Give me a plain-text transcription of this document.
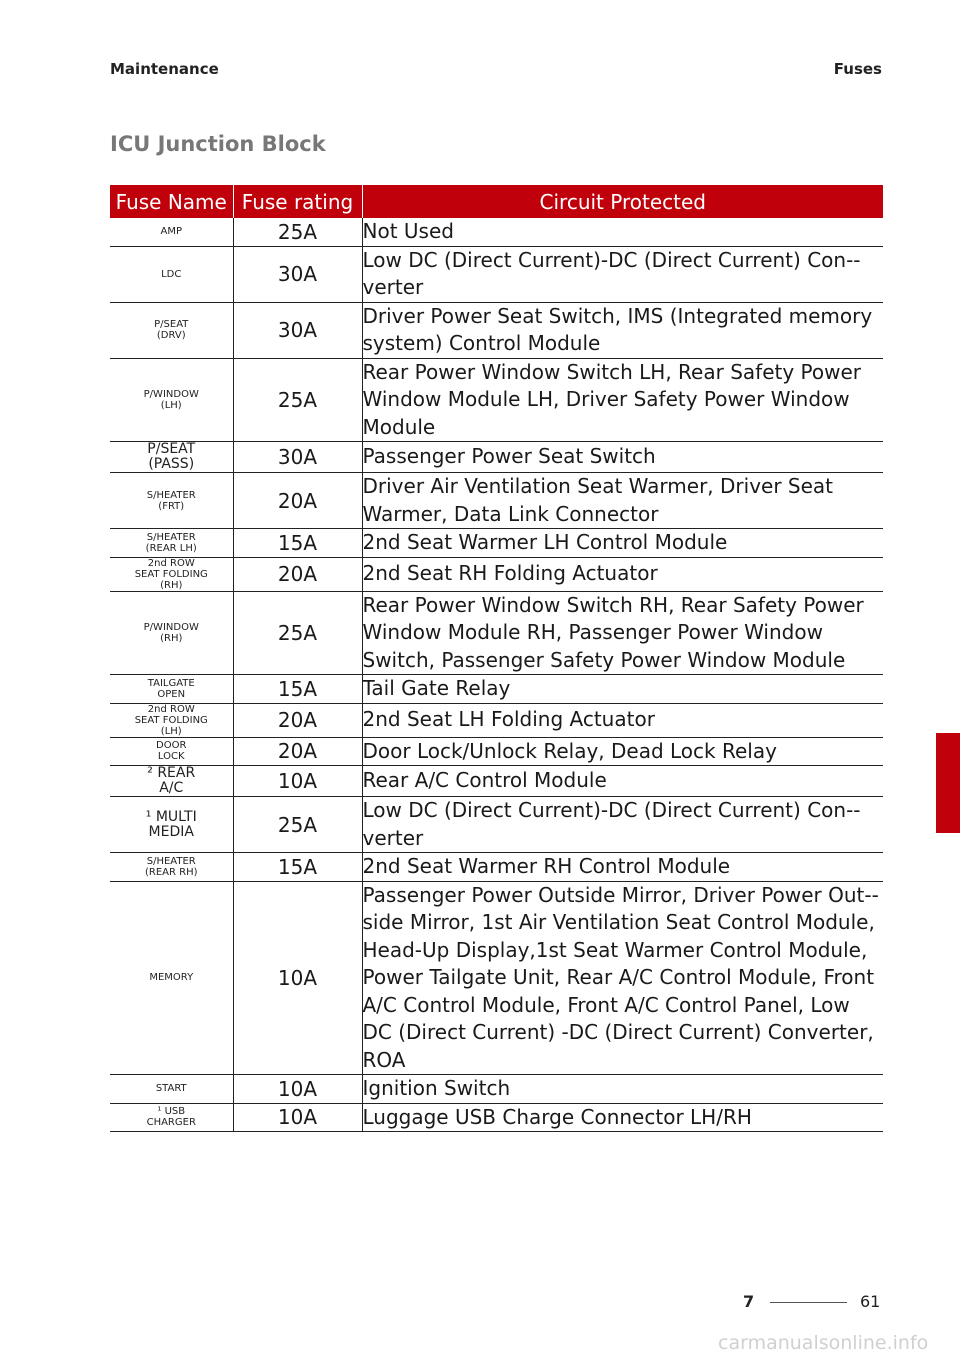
Maintenance	Fuses
ICU Junction Block
Fuse Name	Fuse rating	Circuit Protected
AMP	25A	Not Used
LDC	30A	Low DC (Direct Current)-DC (Direct Current) Con-verter
P/SEAT
(DRV)	30A	Driver Power Seat Switch, IMS (Integrated memory system) Control Module
P/WINDOW
(LH)	25A	Rear Power Window Switch LH, Rear Safety Power Window Module LH, Driver Safety Power Window Module
P/SEAT
(PASS)	30A	Passenger Power Seat Switch
S/HEATER
(FRT)	20A	Driver Air Ventilation Seat Warmer, Driver Seat Warmer, Data Link Connector
S/HEATER
(REAR LH)	15A	2nd Seat Warmer LH Control Module
2nd ROW
SEAT FOLDING
(RH)	20A	2nd Seat RH Folding Actuator
P/WINDOW
(RH)	25A	Rear Power Window Switch RH, Rear Safety Power Window Module RH, Passenger Power Window Switch, Passenger Safety Power Window Module
TAILGATE
OPEN	15A	Tail Gate Relay
2nd ROW
SEAT FOLDING
(LH)	20A	2nd Seat LH Folding Actuator
DOOR
LOCK	20A	Door Lock/Unlock Relay, Dead Lock Relay
² REAR
A/C	10A	Rear A/C Control Module
¹ MULTI
MEDIA	25A	Low DC (Direct Current)-DC (Direct Current) Con-verter
S/HEATER
(REAR RH)	15A	2nd Seat Warmer RH Control Module
MEMORY	10A	Passenger Power Outside Mirror, Driver Power Out-side Mirror, 1st Air Ventilation Seat Control Module, Head-Up Display,1st Seat Warmer Control Module, Power Tailgate Unit, Rear A/C Control Module, Front A/C Control Module, Front A/C Control Panel, Low DC (Direct Current) -DC (Direct Current) Converter, ROA
START	10A	Ignition Switch
¹ USB
CHARGER	10A	Luggage USB Charge Connector LH/RH
7
7	61
carmanualsonline.info
